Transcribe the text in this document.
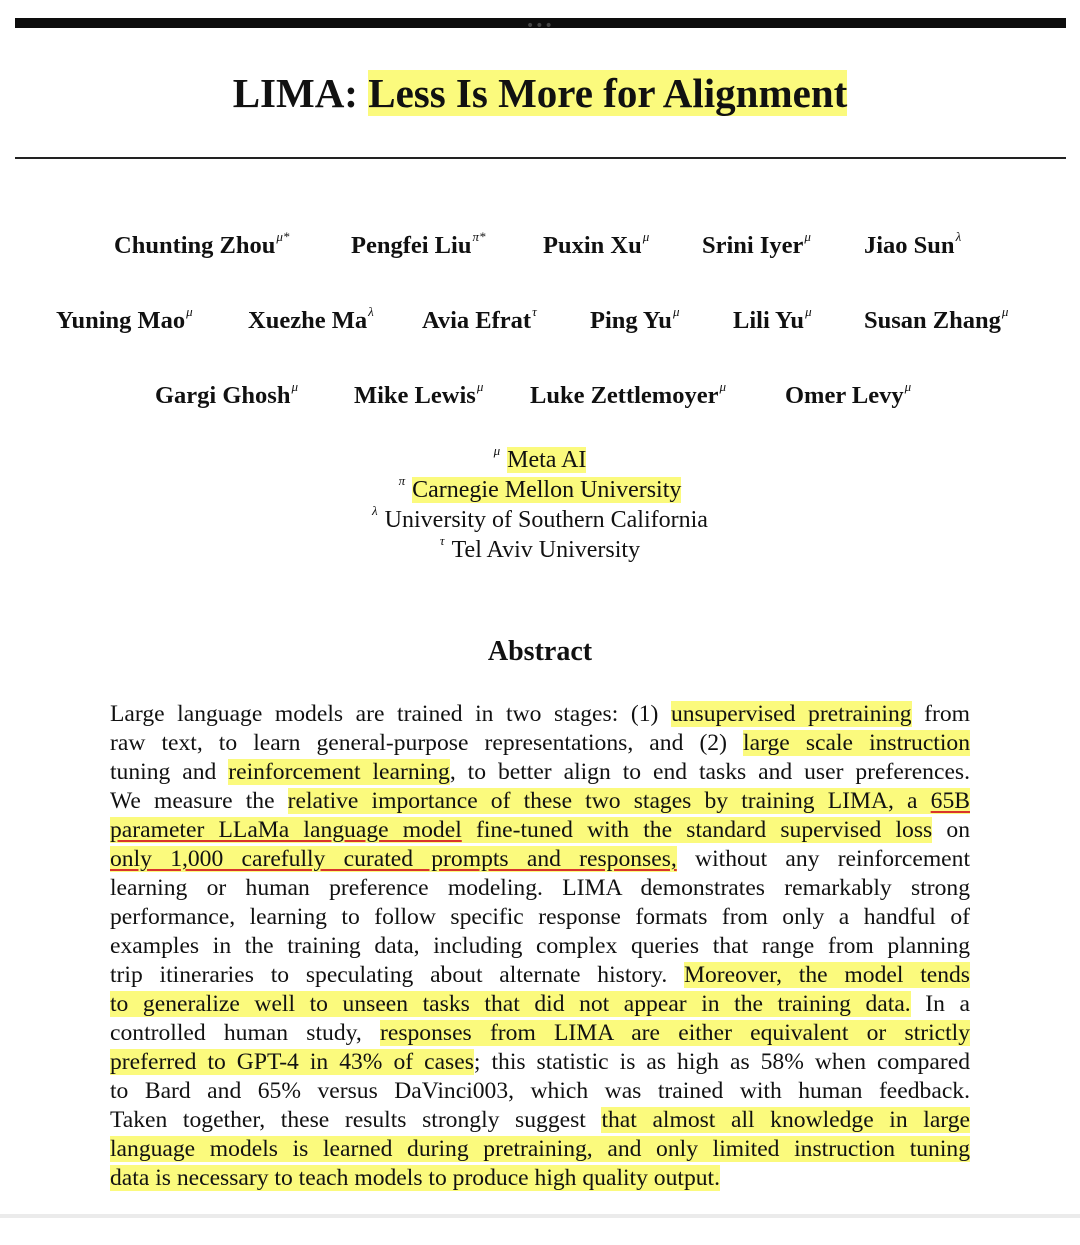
•••
LIMA: Less Is More for Alignment
Chunting Zhou$^{\mu*}$	Pengfei Liu$^{\pi*}$ Puxin $Xu^\mu$ Srini Iyer$^\mu$ Jiao Sun$^\lambda$
Yuning Mao$^\mu$ Xuezhe $Ma^\lambda$ Avia Efrat$^\tau$ Ping $Yu^\mu$ Lili $Yu^\mu$ Susan Zhang$^\mu$
Gargi Ghosh$^\mu$ Mike Lewis$^\mu$ Luke Zettlemoyer$^\mu$ Omer Levy$^\mu$
$^\mu$ Meta AI
$^\pi$ Carnegie Mellon University
$^\lambda$ University of Southern California
$^\tau$ Tel Aviv University
Abstract
Large language models are trained in two stages: (1) unsupervised pretraining from
raw text, to learn general-purpose representations, and (2) large scale instruction
tuning and reinforcement learning, to better align to end tasks and user preferences.
We measure the relative importance of these two stages by training LIMA, a 65B
parameter LLaMa language model fine-tuned with the standard supervised loss on
only 1,000 carefully curated prompts and responses, without any reinforcement
learning or human preference modeling. LIMA demonstrates remarkably strong
performance, learning to follow specific response formats from only a handful of
examples in the training data, including complex queries that range from planning
trip itineraries to speculating about alternate history. Moreover, the model tends
to generalize well to unseen tasks that did not appear in the training data. In a
controlled human study, responses from LIMA are either equivalent or strictly
preferred to GPT-4 in 43% of cases; this statistic is as high as 58% when compared
to Bard and 65% versus DaVinci003, which was trained with human feedback.
Taken together, these results strongly suggest that almost all knowledge in large
language models is learned during pretraining, and only limited instruction tuning
data is necessary to teach models to produce high quality output.
